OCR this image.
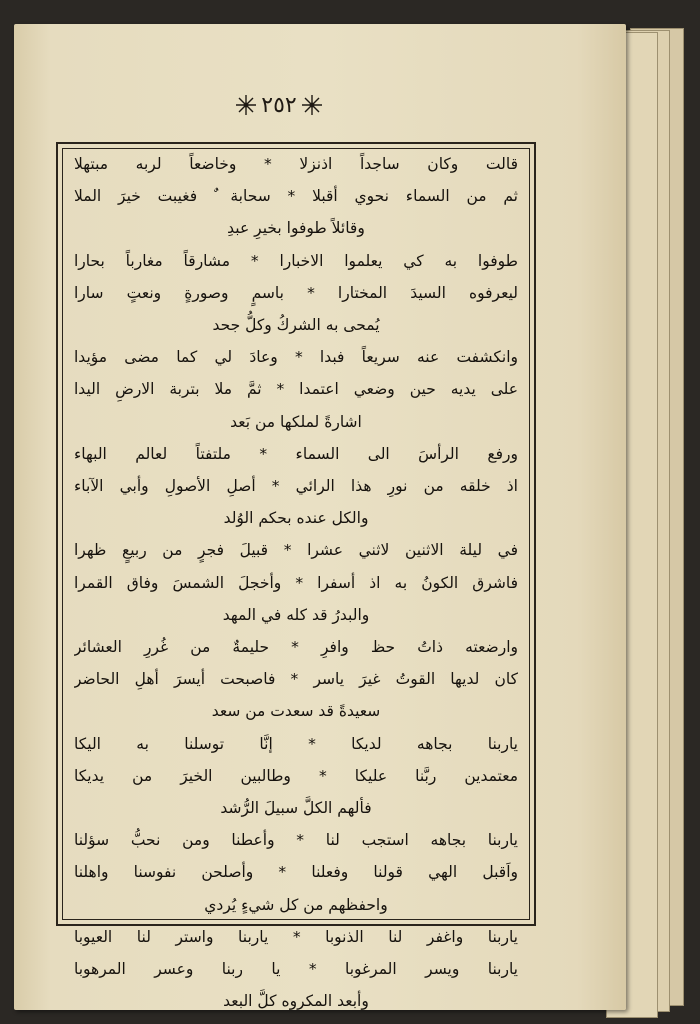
٢٥٢
قالت وكان ساجداً اذنزلا * وخاضعاً لربه مبتهلا
ثم من السماء نحوي أقبلا * سحابة ٌ فغيبت خيرَ الملا
وقائلاً طوفوا بخيرِ عبدِ
طوفوا به كي يعلموا الاخبارا * مشارقاً مغارباً بحارا
ليعرفوه السيدَ المختارا * باسمٍ وصورةٍ ونعتٍ سارا
يُمحى به الشركُ وكلُّ جحد
وانكشفت عنه سريعاً فبدا * وعادَ لي كما مضى مؤيدا
على يديه حين وضعي اعتمدا * ثمَّ ملا بتربة الارضِ اليدا
اشارةً لملكها من بَعد
ورفع الرأسَ الى السماء * ملتفتاً لعالم البهاء
اذ خلقه من نورِ هذا الرائي * أصلِ الأصولِ وأبي الآباء
والكل عنده بحكم الوُلد
في ليلة الاثنين لاثني عشرا * قبيلَ فجرٍ من ربيعٍ ظهرا
فاشرق الكونُ به اذ أسفرا * وأخجلَ الشمسَ وفاق القمرا
والبدرُ قد كله في المهد
وارضعته ذاتُ حظ وافرِ * حليمةٌ من غُررِ العشائر
كان لديها القوتُ غيرَ ياسر * فاصبحت أيسرَ أهلِ الحاضر
سعيدةً قد سعدت من سعد
ياربنا بجاهه لديكا * إنَّا توسلنا به اليكا
معتمدين ربَّنا عليكا * وطالبين الخيرَ من يديكا
فألهم الكلَّ سبيلَ الرُّشد
ياربنا بجاهه استجب لنا * وأعطنا ومن نحبُّ سؤلنا
واَقبل الهي قولنا وفعلنا * وأصلحن نفوسنا واهلنا
واحفظهم من كل شيءٍ يُردي
ياربنا واغفر لنا الذنوبا * ياربنا واستر لنا العيوبا
ياربنا ويسر المرغوبا * يا ربنا وعسر المرهوبا
وأبعد المكروه كلَّ البعد
